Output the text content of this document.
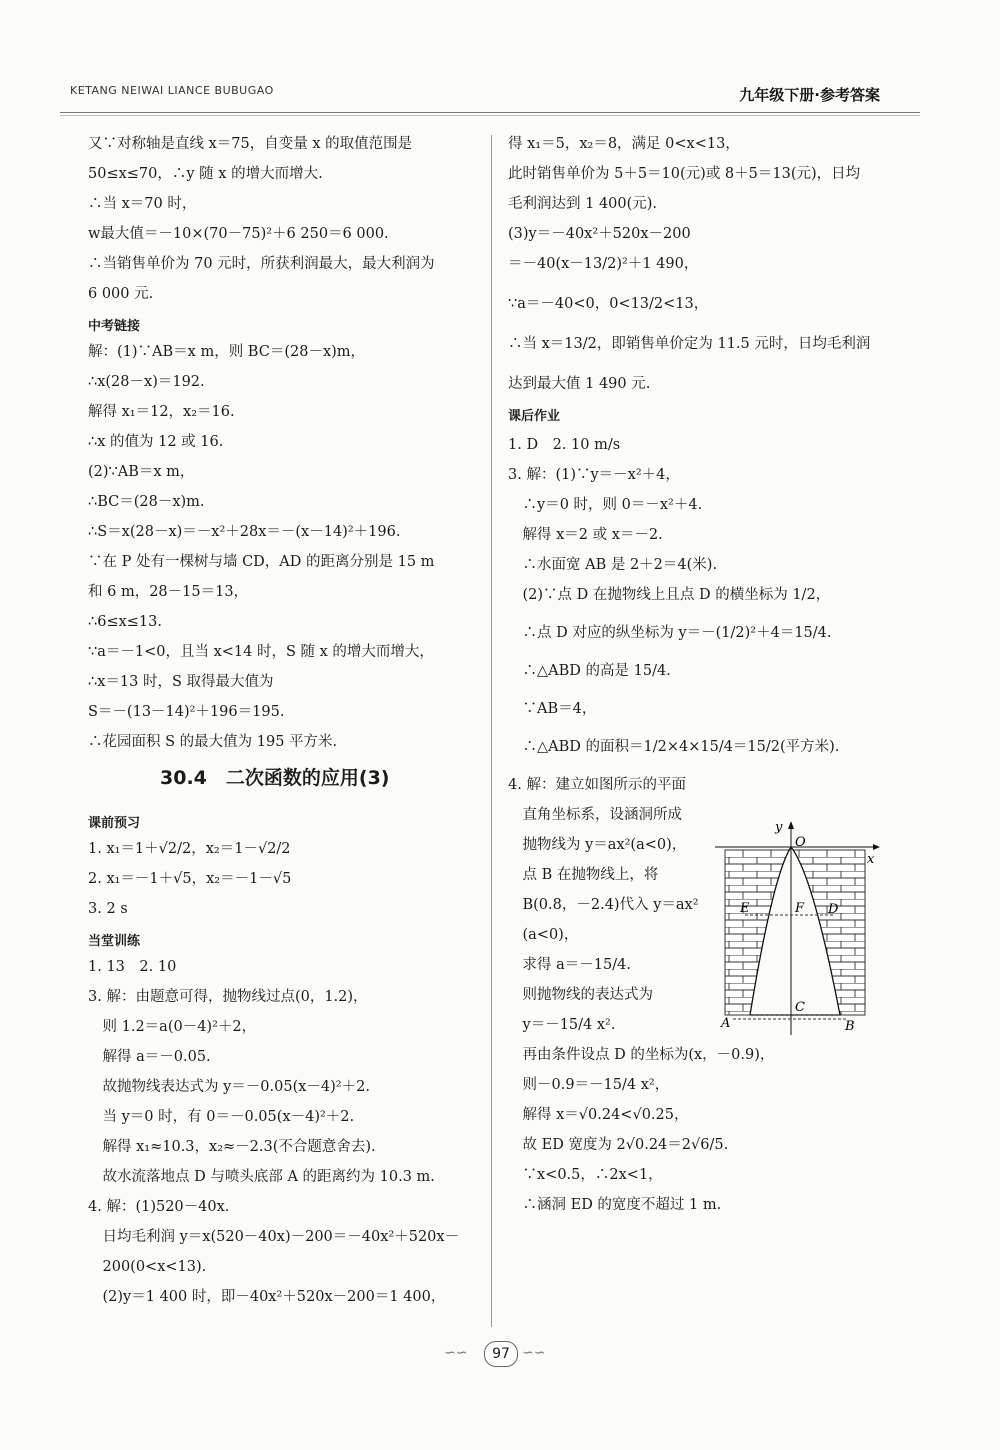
KETANG NEIWAI LIANCE BUBUGAO	九年级下册·参考答案
又∵对称轴是直线 x＝75，自变量 x 的取值范围是
50≤x≤70，∴y 随 x 的增大而增大.
∴当 x＝70 时，
w最大值＝－10×(70－75)²＋6 250＝6 000.
∴当销售单价为 70 元时，所获利润最大，最大利润为
6 000 元.
中考链接
解：(1)∵AB＝x m，则 BC＝(28－x)m，
∴x(28－x)＝192.
解得 x₁＝12，x₂＝16.
∴x 的值为 12 或 16.
(2)∵AB＝x m，
∴BC＝(28－x)m.
∴S＝x(28－x)＝－x²＋28x＝－(x－14)²＋196.
∵在 P 处有一棵树与墙 CD，AD 的距离分别是 15 m
和 6 m，28－15＝13，
∴6≤x≤13.
∵a＝－1<0，且当 x<14 时，S 随 x 的增大而增大，
∴x＝13 时，S 取得最大值为
S＝－(13－14)²＋196＝195.
∴花园面积 S 的最大值为 195 平方米.
30.4　二次函数的应用(3)
课前预习
1. x₁＝1＋√2/2，x₂＝1－√2/2
2. x₁＝－1＋√5，x₂＝－1－√5
3. 2 s
当堂训练
1. 13　2. 10
3. 解：由题意可得，抛物线过点(0，1.2)，
　则 1.2＝a(0－4)²＋2，
　解得 a＝－0.05.
　故抛物线表达式为 y＝－0.05(x－4)²＋2.
　当 y＝0 时，有 0＝－0.05(x－4)²＋2.
　解得 x₁≈10.3，x₂≈－2.3(不合题意舍去).
　故水流落地点 D 与喷头底部 A 的距离约为 10.3 m.
4. 解：(1)520－40x.
　日均毛利润 y＝x(520－40x)－200＝－40x²＋520x－
　200(0<x<13).
　(2)y＝1 400 时，即－40x²＋520x－200＝1 400，
得 x₁＝5，x₂＝8，满足 0<x<13，
此时销售单价为 5＋5＝10(元)或 8＋5＝13(元)，日均
毛利润达到 1 400(元).
(3)y＝－40x²＋520x－200
＝－40(x－13/2)²＋1 490，
∵a＝－40<0，0<13/2<13，
∴当 x＝13/2，即销售单价定为 11.5 元时，日均毛利润
达到最大值 1 490 元.
课后作业
1. D　2. 10 m/s
3. 解：(1)∵y＝－x²＋4，
　∴y＝0 时，则 0＝－x²＋4.
　解得 x＝2 或 x＝－2.
　∴水面宽 AB 是 2＋2＝4(米).
　(2)∵点 D 在抛物线上且点 D 的横坐标为 1/2，
　∴点 D 对应的纵坐标为 y＝－(1/2)²＋4＝15/4.
　∴△ABD 的高是 15/4.
　∵AB＝4，
　∴△ABD 的面积＝1/2×4×15/4＝15/2(平方米).
4. 解：建立如图所示的平面
　直角坐标系，设涵洞所成
　抛物线为 y＝ax²(a<0)，
　点 B 在抛物线上，将
　B(0.8，－2.4)代入 y＝ax²
　(a<0)，
　求得 a＝－15/4.
　则抛物线的表达式为
　y＝－15/4 x².
　再由条件设点 D 的坐标为(x，－0.9)，
　则－0.9＝－15/4 x²，
　解得 x＝√0.24<√0.25，
　故 ED 宽度为 2√0.24＝2√6/5.
　∵x<0.5，∴2x<1，
　∴涵洞 ED 的宽度不超过 1 m.
y
x
O
E	F D
C
A	B
∽∽	97 ∽∽
